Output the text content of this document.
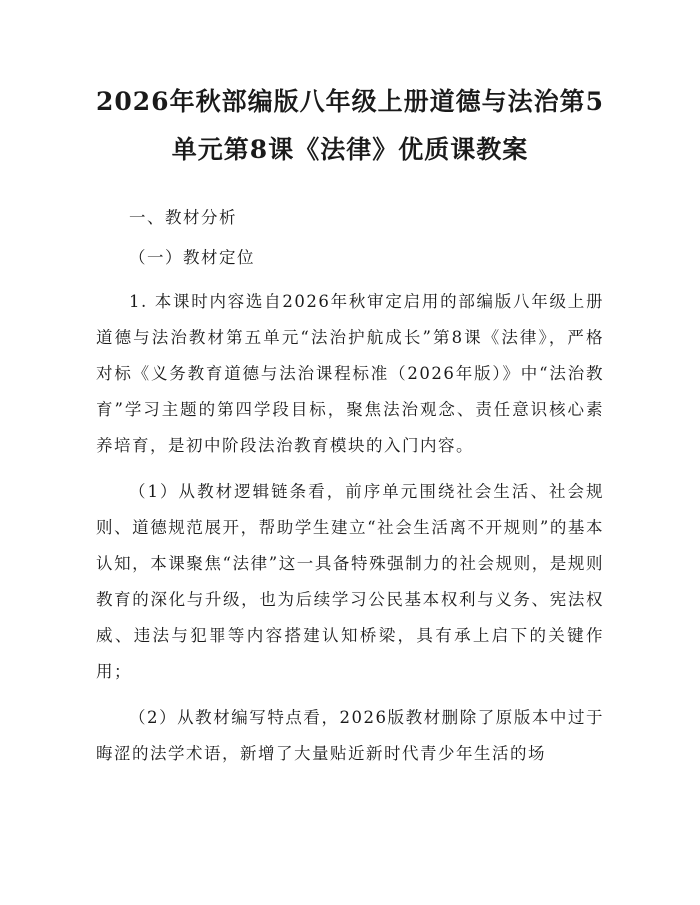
2026年秋部编版八年级上册道德与法治第5
单元第8课《法律》优质课教案

一、教材分析

（一）教材定位

1. 本课时内容选自2026年秋审定启用的部编版八年级上册道德与法治教材第五单元“法治护航成长”第8课《法律》，严格对标《义务教育道德与法治课程标准（2026年版）》中“法治教育”学习主题的第四学段目标，聚焦法治观念、责任意识核心素养培育，是初中阶段法治教育模块的入门内容。

（1）从教材逻辑链条看，前序单元围绕社会生活、社会规则、道德规范展开，帮助学生建立“社会生活离不开规则”的基本认知，本课聚焦“法律”这一具备特殊强制力的社会规则，是规则教育的深化与升级，也为后续学习公民基本权利与义务、宪法权威、违法与犯罪等内容搭建认知桥梁，具有承上启下的关键作用；

（2）从教材编写特点看，2026版教材删除了原版本中过于晦涩的法学术语，新增了大量贴近新时代青少年生活的场
